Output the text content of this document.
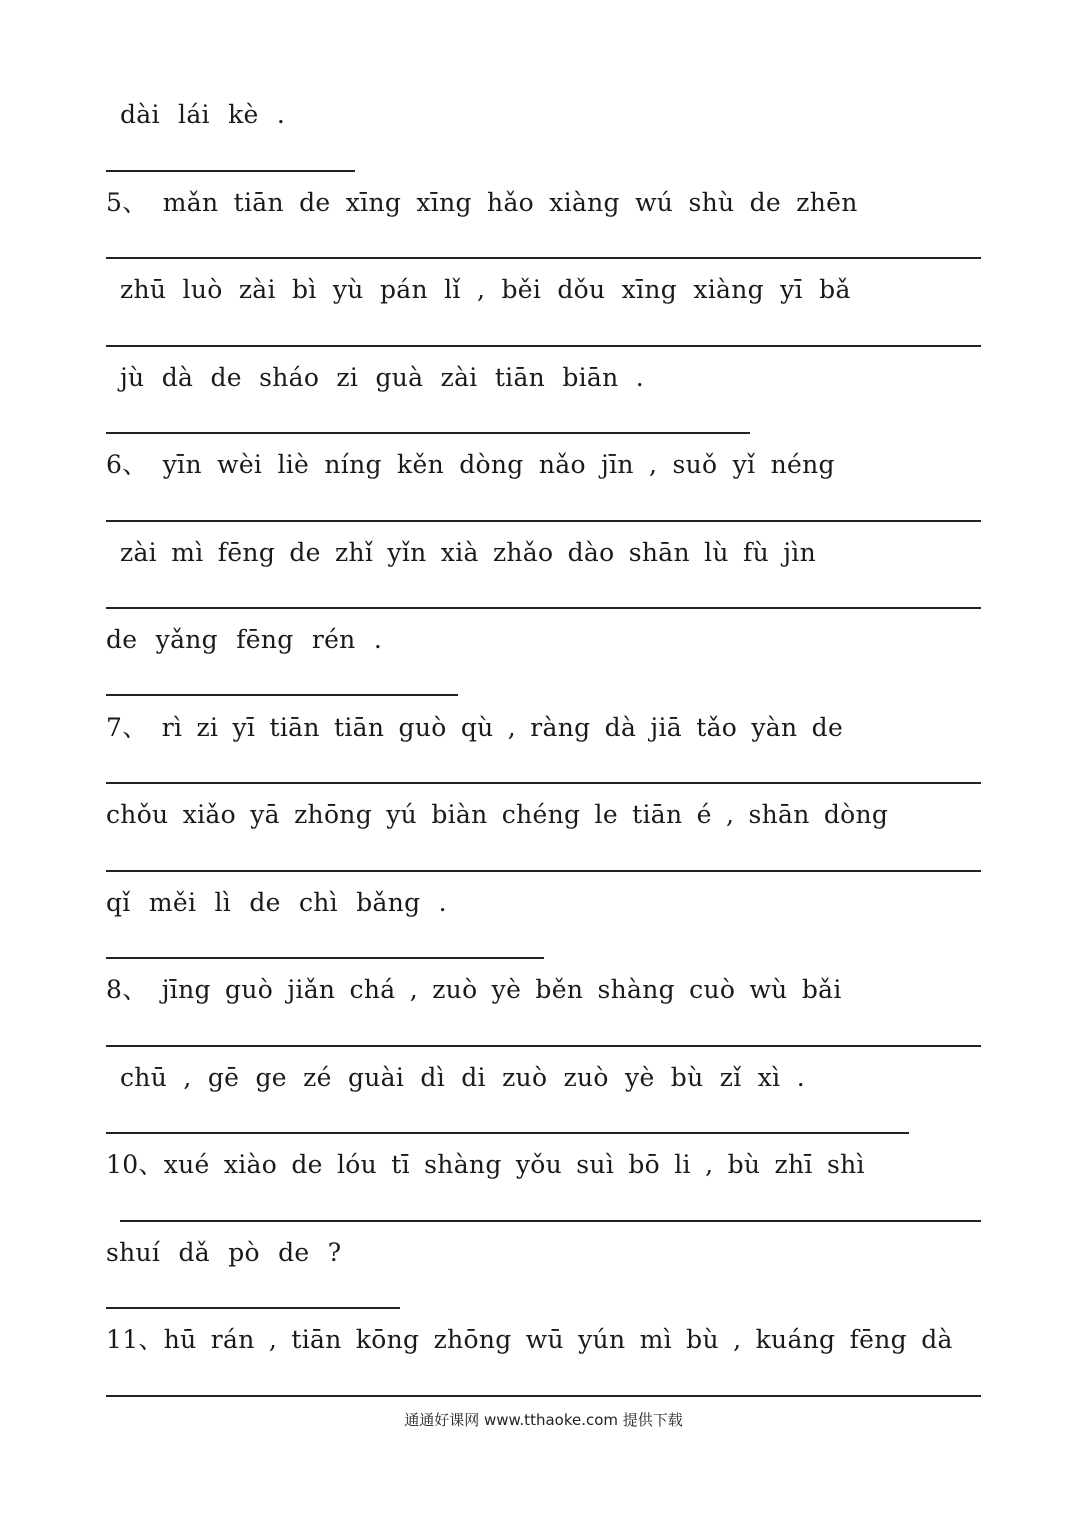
dài lái kè .
5、 mǎn tiān de xīng xīng hǎo xiàng wú shù de zhēn
zhū luò zài bì yù pán lǐ , běi dǒu xīng xiàng yī bǎ
jù dà de sháo zi guà zài tiān biān .
6、 yīn wèi liè níng kěn dòng nǎo jīn , suǒ yǐ néng
zài mì fēng de zhǐ yǐn xià zhǎo dào shān lù fù jìn
de yǎng fēng rén .
7、 rì zi yī tiān tiān guò qù , ràng dà jiā tǎo yàn de
chǒu xiǎo yā zhōng yú biàn chéng le tiān é , shān dòng
qǐ měi lì de chì bǎng .
8、 jīng guò jiǎn chá , zuò yè běn shàng cuò wù bǎi
chū , gē ge zé guài dì di zuò zuò yè bù zǐ xì .
10、xué xiào de lóu tī shàng yǒu suì bō li , bù zhī shì
shuí dǎ pò de ?
11、hū rán , tiān kōng zhōng wū yún mì bù , kuáng fēng dà
通通好课网 www.tthaoke.com 提供下载
